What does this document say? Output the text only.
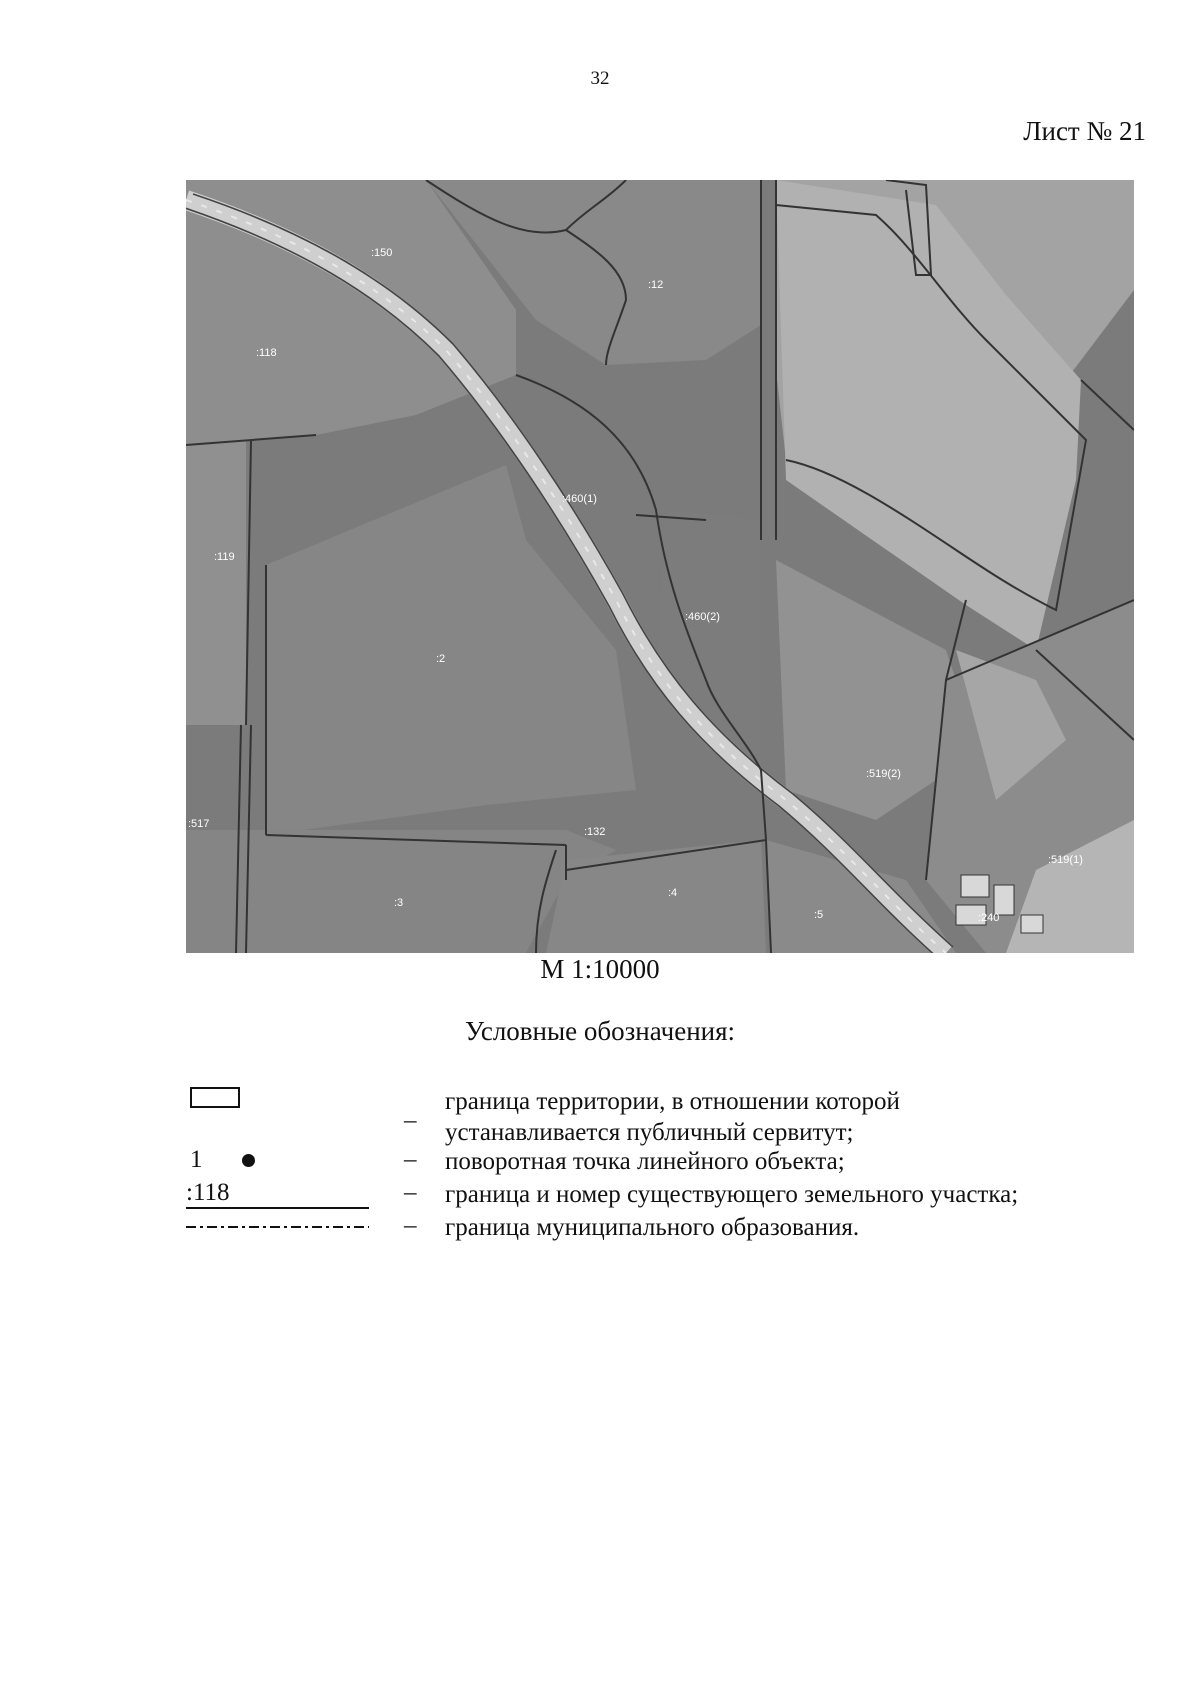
32
Лист № 21
:150
:12
:118
:460(1)
:119
:460(2)
:2
:519(2)
:517
:132
:519(1)
:3
:4
:5	:240
М 1:10000
Условные обозначения:
–
граница территории, в отношении которой
устанавливается публичный сервитут;
1	– поворотная точка линейного объекта;
:118	– граница и номер существующего земельного участка;
– граница муниципального образования.
